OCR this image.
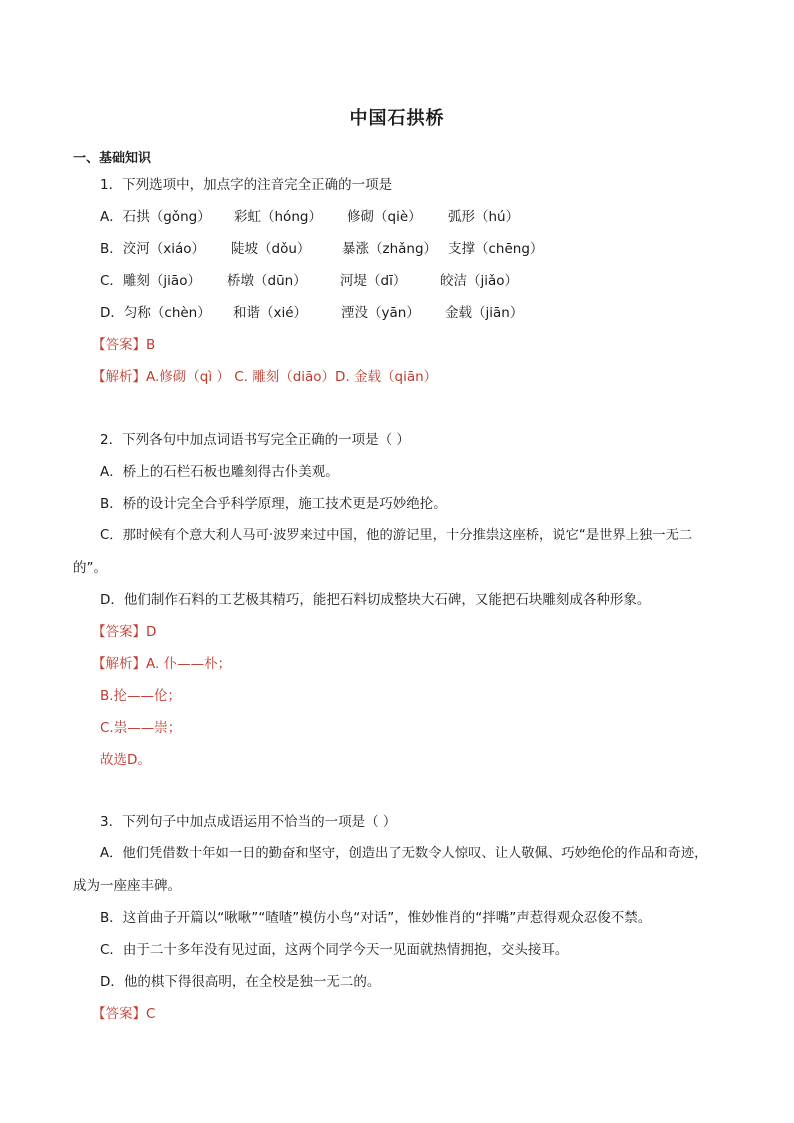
中国石拱桥
一、基础知识
1．下列选项中，加点字的注音完全正确的一项是
A．石拱（gǒng） 彩虹（hóng） 修砌（qiè） 弧形（hú）
B．洨河（xiáo） 陡坡（dǒu） 暴涨（zhǎng） 支撑（chēng）
C．雕刻（jiāo） 桥墩（dūn） 河堤（dī） 皎洁（jiǎo）
D．匀称（chèn） 和谐（xié）	湮没（yān） 金载（jiān）
【答案】B
【解析】A.修砌（qì ） C. 雕刻（diāo）D. 金载（qiān）
2．下列各句中加点词语书写完全正确的一项是（ ）
A．桥上的石栏石板也雕刻得古仆美观。
B．桥的设计完全合乎科学原理，施工技术更是巧妙绝抡。
C．那时候有个意大利人马可·波罗来过中国，他的游记里，十分推祟这座桥，说它“是世界上独一无二
的”。
D．他们制作石料的工艺极其精巧，能把石料切成整块大石碑，又能把石块雕刻成各种形象。
【答案】D
【解析】A. 仆——朴；
B.抡——伦；
C.祟——崇；
故选D。
3．下列句子中加点成语运用不恰当的一项是（ ）
A．他们凭借数十年如一日的勤奋和坚守，创造出了无数令人惊叹、让人敬佩、巧妙绝伦的作品和奇迹，
成为一座座丰碑。
B．这首曲子开篇以“啾啾”“喳喳”模仿小鸟“对话”，惟妙惟肖的“拌嘴”声惹得观众忍俊不禁。
C．由于二十多年没有见过面，这两个同学今天一见面就热情拥抱，交头接耳。
D．他的棋下得很高明，在全校是独一无二的。
【答案】C
